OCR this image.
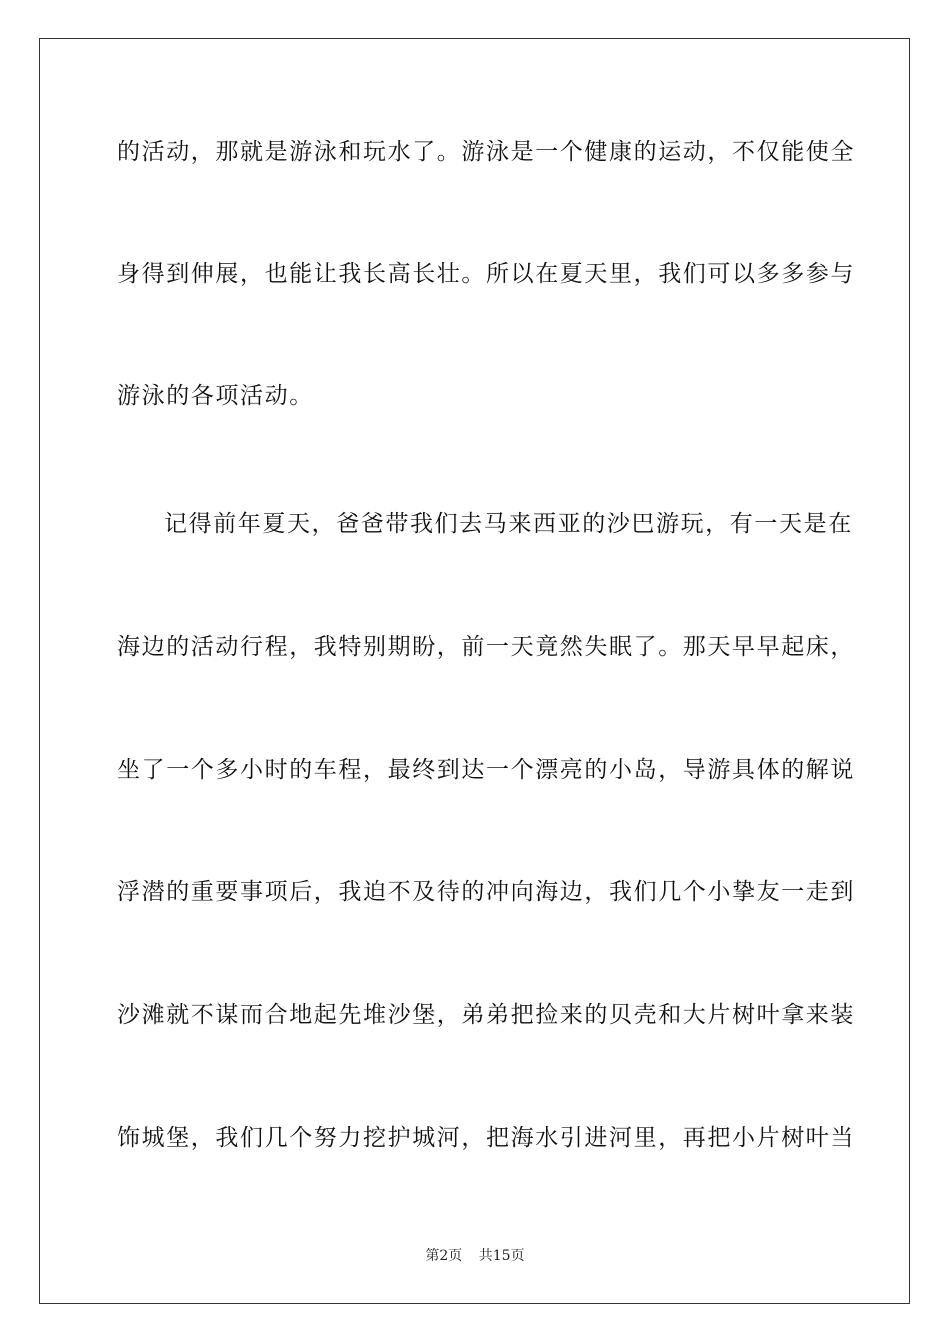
的活动，那就是游泳和玩水了。游泳是一个健康的运动，不仅能使全
身得到伸展，也能让我长高长壮。所以在夏天里，我们可以多多参与
游泳的各项活动。
记得前年夏天，爸爸带我们去马来西亚的沙巴游玩，有一天是在
海边的活动行程，我特别期盼，前一天竟然失眠了。那天早早起床，
坐了一个多小时的车程，最终到达一个漂亮的小岛，导游具体的解说
浮潜的重要事项后，我迫不及待的冲向海边，我们几个小挚友一走到
沙滩就不谋而合地起先堆沙堡，弟弟把捡来的贝壳和大片树叶拿来装
饰城堡，我们几个努力挖护城河，把海水引进河里，再把小片树叶当
第2页 共15页
